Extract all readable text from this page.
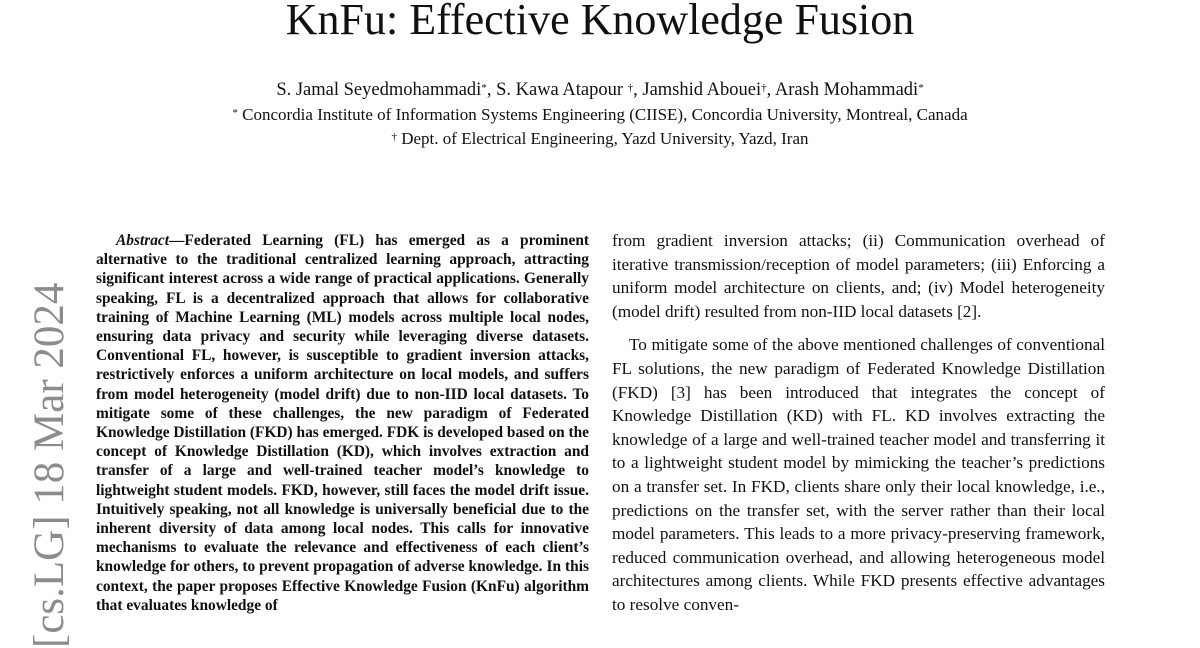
KnFu: Effective Knowledge Fusion
S. Jamal Seyedmohammadi*, S. Kawa Atapour †, Jamshid Abouei†, Arash Mohammadi*
* Concordia Institute of Information Systems Engineering (CIISE), Concordia University, Montreal, Canada
† Dept. of Electrical Engineering, Yazd University, Yazd, Iran
[cs.LG] 18 Mar 2024

Abstract—Federated Learning (FL) has emerged as a prominent alternative to the traditional centralized learning approach, attracting significant interest across a wide range of practical applications. Generally speaking, FL is a decentralized approach that allows for collaborative training of Machine Learning (ML) models across multiple local nodes, ensuring data privacy and security while leveraging diverse datasets. Conventional FL, however, is susceptible to gradient inversion attacks, restrictively enforces a uniform architecture on local models, and suffers from model heterogeneity (model drift) due to non-IID local datasets. To mitigate some of these challenges, the new paradigm of Federated Knowledge Distillation (FKD) has emerged. FDK is developed based on the concept of Knowledge Distillation (KD), which involves extraction and transfer of a large and well-trained teacher model’s knowledge to lightweight student models. FKD, however, still faces the model drift issue. Intuitively speaking, not all knowledge is universally beneficial due to the inherent diversity of data among local nodes. This calls for innovative mechanisms to evaluate the relevance and effectiveness of each client’s knowledge for others, to prevent propagation of adverse knowledge. In this context, the paper proposes Effective Knowledge Fusion (KnFu) algorithm that evaluates knowledge of

from gradient inversion attacks; (ii) Communication overhead of iterative transmission/reception of model parameters; (iii) Enforcing a uniform model architecture on clients, and; (iv) Model heterogeneity (model drift) resulted from non-IID local datasets [2].

To mitigate some of the above mentioned challenges of conventional FL solutions, the new paradigm of Federated Knowledge Distillation (FKD) [3] has been introduced that integrates the concept of Knowledge Distillation (KD) with FL. KD involves extracting the knowledge of a large and well-trained teacher model and transferring it to a lightweight student model by mimicking the teacher’s predictions on a transfer set. In FKD, clients share only their local knowledge, i.e., predictions on the transfer set, with the server rather than their local model parameters. This leads to a more privacy-preserving framework, reduced communication overhead, and allowing heterogeneous model architectures among clients. While FKD presents effective advantages to resolve conven-
